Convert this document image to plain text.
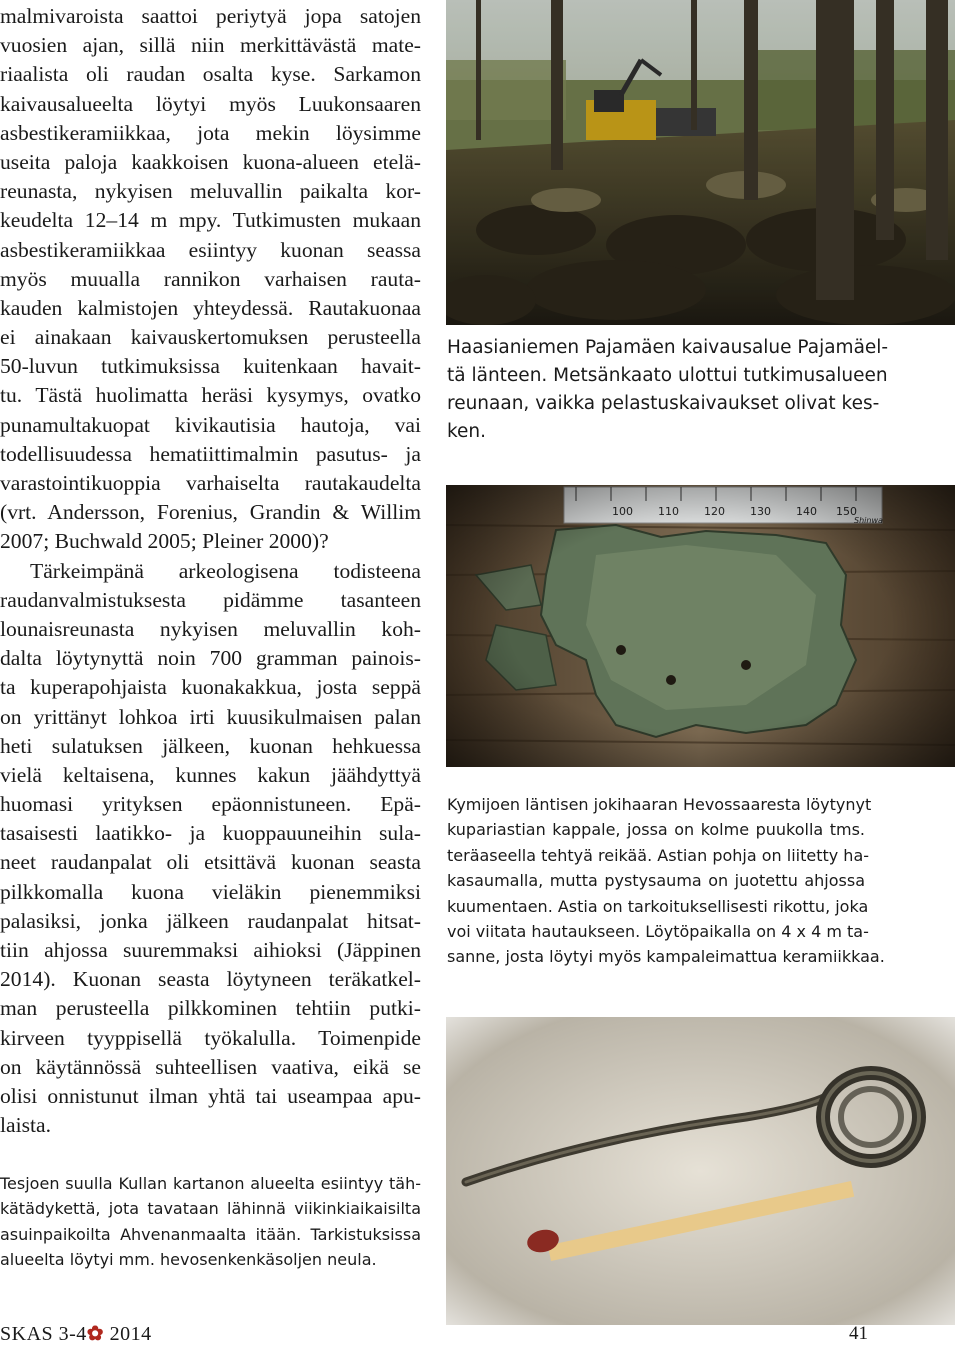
malmivaroista saattoi periytyä jopa satojen
vuosien ajan, sillä niin merkittävästä mate-
riaalista oli raudan osalta kyse. Sarkamon
kaivausalueelta löytyi myös Luukonsaaren
asbestikeramiikkaa, jota mekin löysimme
useita paloja kaakkoisen kuona-alueen etelä-
reunasta, nykyisen meluvallin paikalta kor-
keudelta 12–14 m mpy. Tutkimusten mukaan
asbestikeramiikkaa esiintyy kuonan seassa
myös muualla rannikon varhaisen rauta-
kauden kalmistojen yhteydessä. Rautakuonaa
ei ainakaan kaivauskertomuksen perusteella
50-luvun tutkimuksissa kuitenkaan havait-
tu. Tästä huolimatta heräsi kysymys, ovatko
punamultakuopat kivikautisia hautoja, vai
todellisuudessa hematiittimalmin pasutus- ja
varastointikuoppia varhaiselta rautakaudelta
(vrt. Andersson, Forenius, Grandin & Willim
2007; Buchwald 2005; Pleiner 2000)?
Tärkeimpänä arkeologisena todisteena
raudanvalmistuksesta pidämme tasanteen
lounaisreunasta nykyisen meluvallin koh-
dalta löytynyttä noin 700 gramman painois-
ta kuperapohjaista kuonakakkua, josta seppä
on yrittänyt lohkoa irti kuusikulmaisen palan
heti sulatuksen jälkeen, kuonan hehkuessa
vielä keltaisena, kunnes kakun jäähdyttyä
huomasi yrityksen epäonnistuneen. Epä-
tasaisesti laatikko- ja kuoppauuneihin sula-
neet raudanpalat oli etsittävä kuonan seasta
pilkkomalla kuona vieläkin pienemmiksi
palasiksi, jonka jälkeen raudanpalat hitsat-
tiin ahjossa suuremmaksi aihioksi (Jäppinen
2014). Kuonan seasta löytyneen teräkatkel-
man perusteella pilkkominen tehtiin putki-
kirveen tyyppisellä työkalulla. Toimenpide
on käytännössä suhteellisen vaativa, eikä se
olisi onnistunut ilman yhtä tai useampaa apu-
laista.
Haasianiemen Pajamäen kaivausalue Pajamäel-
tä länteen. Metsänkaato ulottui tutkimusalueen
reunaan, vaikka pelastuskaivaukset olivat kes-
ken.
Kymijoen läntisen jokihaaran Hevossaaresta löytynyt
kupariastian kappale, jossa on kolme puukolla tms.
teräaseella tehtyä reikää. Astian pohja on liitetty ha-
kasaumalla, mutta pystysauma on juotettu ahjossa
kuumentaen. Astia on tarkoituksellisesti rikottu, joka
voi viitata hautaukseen. Löytöpaikalla on 4 x 4 m ta-
sanne, josta löytyi myös kampaleimattua keramiikkaa.
Tesjoen suulla Kullan kartanon alueelta esiintyy täh-
kätädykettä, jota tavataan lähinnä viikinkiaikaisilta
asuinpaikoilta Ahvenanmaalta itään. Tarkistuksissa
alueelta löytyi mm. hevosenkenkäsoljen neula.
SKAS 3-4✿ 2014	41
